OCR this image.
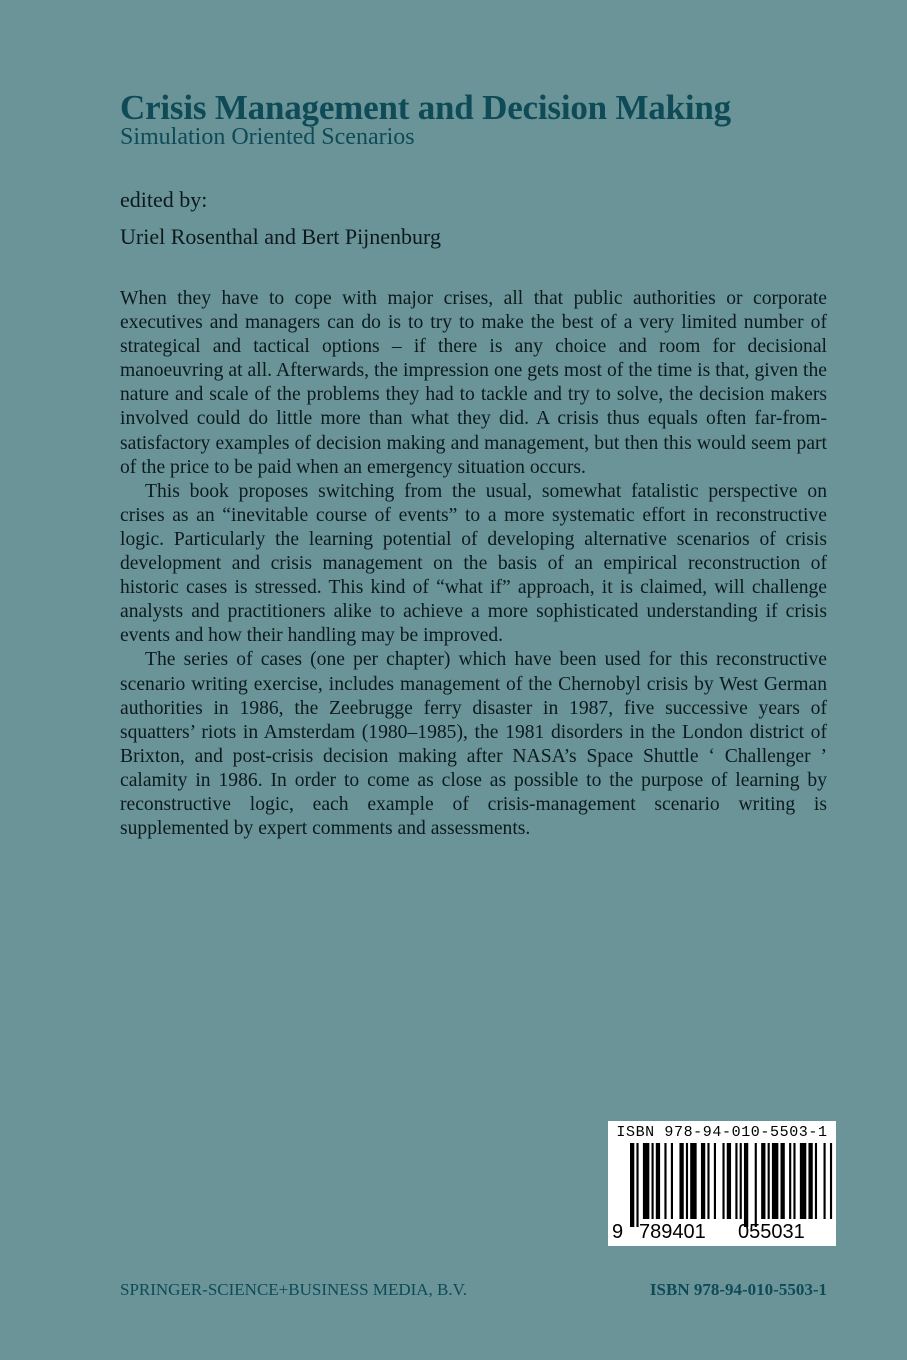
Crisis Management and Decision Making
Simulation Oriented Scenarios
edited by:
Uriel Rosenthal and Bert Pijnenburg

When they have to cope with major crises, all that public authorities or corporate executives and managers can do is to try to make the best of a very limited number of strategical and tactical options – if there is any choice and room for decisional manoeuvring at all. Afterwards, the impression one gets most of the time is that, given the nature and scale of the problems they had to tackle and try to solve, the decision makers involved could do little more than what they did. A crisis thus equals often far-from-satisfactory examples of decision making and management, but then this would seem part of the price to be paid when an emergency situation occurs.

This book proposes switching from the usual, somewhat fatalistic perspective on crises as an “inevitable course of events” to a more systematic effort in reconstructive logic. Particularly the learning potential of developing alternative scenarios of crisis development and crisis management on the basis of an empirical reconstruction of historic cases is stressed. This kind of “what if” approach, it is claimed, will challenge analysts and practitioners alike to achieve a more sophisticated understanding if crisis events and how their handling may be improved.

The series of cases (one per chapter) which have been used for this reconstructive scenario writing exercise, includes management of the Chernobyl crisis by West German authorities in 1986, the Zeebrugge ferry disaster in 1987, five successive years of squatters’ riots in Amsterdam (1980–1985), the 1981 disorders in the London district of Brixton, and post-crisis decision making after NASA’s Space Shuttle ‘ Challenger ’ calamity in 1986. In order to come as close as possible to the purpose of learning by reconstructive logic, each example of crisis-management scenario writing is supplemented by expert comments and assessments.

ISBN 978-94-010-5503-1
9 789401 055031
SPRINGER-SCIENCE+BUSINESS MEDIA, B.V.	ISBN 978-94-010-5503-1
